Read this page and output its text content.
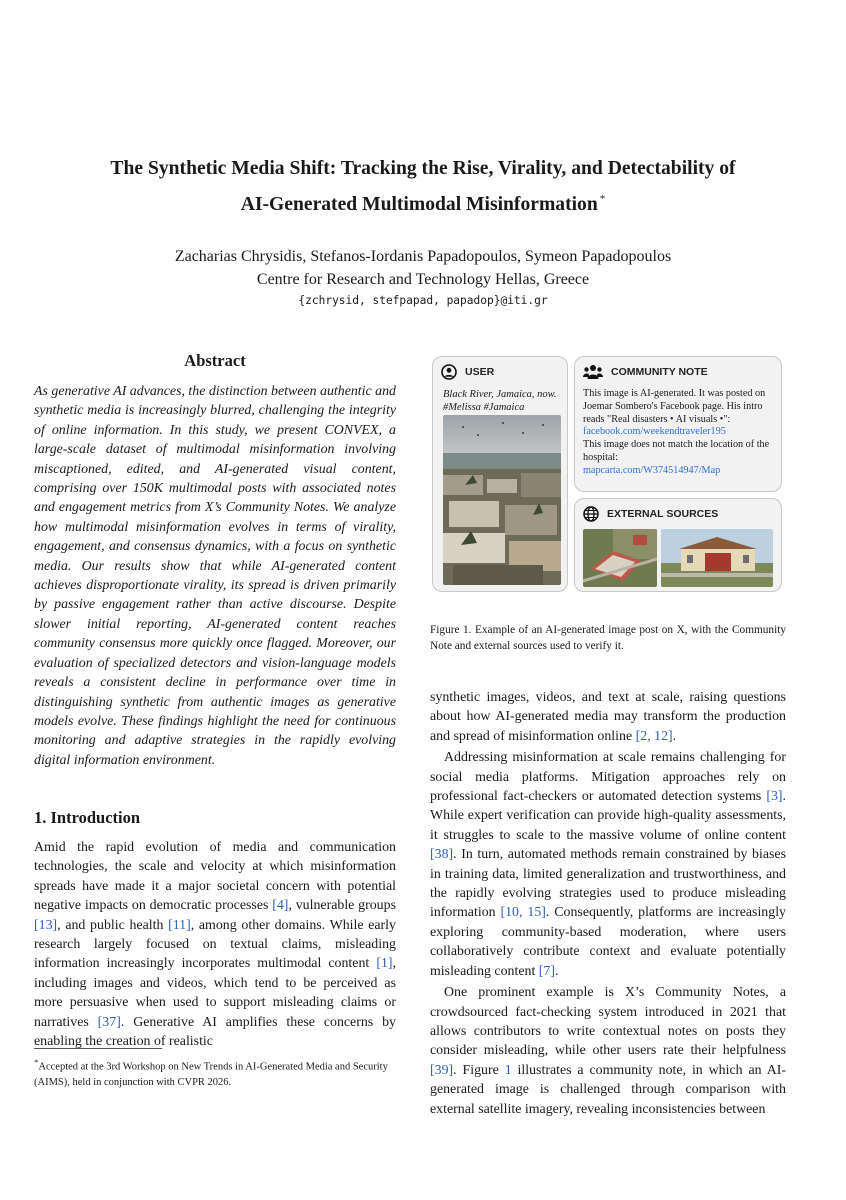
The Synthetic Media Shift: Tracking the Rise, Virality, and Detectability of
AI-Generated Multimodal Misinformation *
Zacharias Chrysidis, Stefanos-Iordanis Papadopoulos, Symeon Papadopoulos
Centre for Research and Technology Hellas, Greece
{zchrysid, stefpapad, papadop}@iti.gr
Abstract
As generative AI advances, the distinction between authentic and synthetic media is increasingly blurred, challenging the integrity of online information. In this study, we present CONVEX, a large-scale dataset of multimodal misinformation involving miscaptioned, edited, and AI-generated visual content, comprising over 150K multimodal posts with associated notes and engagement metrics from X’s Community Notes. We analyze how multimodal misinformation evolves in terms of virality, engagement, and consensus dynamics, with a focus on synthetic media. Our results show that while AI-generated content achieves disproportionate virality, its spread is driven primarily by passive engagement rather than active discourse. Despite slower initial reporting, AI-generated content reaches community consensus more quickly once flagged. Moreover, our evaluation of specialized detectors and vision-language models reveals a consistent decline in performance over time in distinguishing synthetic from authentic images as generative models evolve. These findings highlight the need for continuous monitoring and adaptive strategies in the rapidly evolving digital information environment.
1. Introduction
Amid the rapid evolution of media and communication technologies, the scale and velocity at which misinformation spreads have made it a major societal concern with potential negative impacts on democratic processes [4], vulnerable groups [13], and public health [11], among other domains. While early research largely focused on textual claims, misleading information increasingly incorporates multimodal content [1], including images and videos, which tend to be perceived as more persuasive when used to support misleading claims or narratives [37]. Generative AI amplifies these concerns by enabling the creation of realistic
*Accepted at the 3rd Workshop on New Trends in AI-Generated Media and Security (AIMS), held in conjunction with CVPR 2026.
USER
Black River, Jamaica, now. #Melissa #Jamaica
COMMUNITY NOTE
This image is AI-generated. It was posted on Joemar Sombero's Facebook page. His intro reads "Real disasters • AI visuals •":
facebook.com/weekendtraveler195
This image does not match the location of the hospital:
mapcarta.com/W374514947/Map
EXTERNAL SOURCES
Figure 1. Example of an AI-generated image post on X, with the Community Note and external sources used to verify it.

synthetic images, videos, and text at scale, raising questions about how AI-generated media may transform the production and spread of misinformation online [2, 12].

Addressing misinformation at scale remains challenging for social media platforms. Mitigation approaches rely on professional fact-checkers or automated detection systems [3]. While expert verification can provide high-quality assessments, it struggles to scale to the massive volume of online content [38]. In turn, automated methods remain constrained by biases in training data, limited generalization and trustworthiness, and the rapidly evolving strategies used to produce misleading information [10, 15]. Consequently, platforms are increasingly exploring community-based moderation, where users collaboratively contribute context and evaluate potentially misleading content [7].

One prominent example is X’s Community Notes, a crowdsourced fact-checking system introduced in 2021 that allows contributors to write contextual notes on posts they consider misleading, while other users rate their helpfulness [39]. Figure 1 illustrates a community note, in which an AI-generated image is challenged through comparison with external satellite imagery, revealing inconsistencies between
